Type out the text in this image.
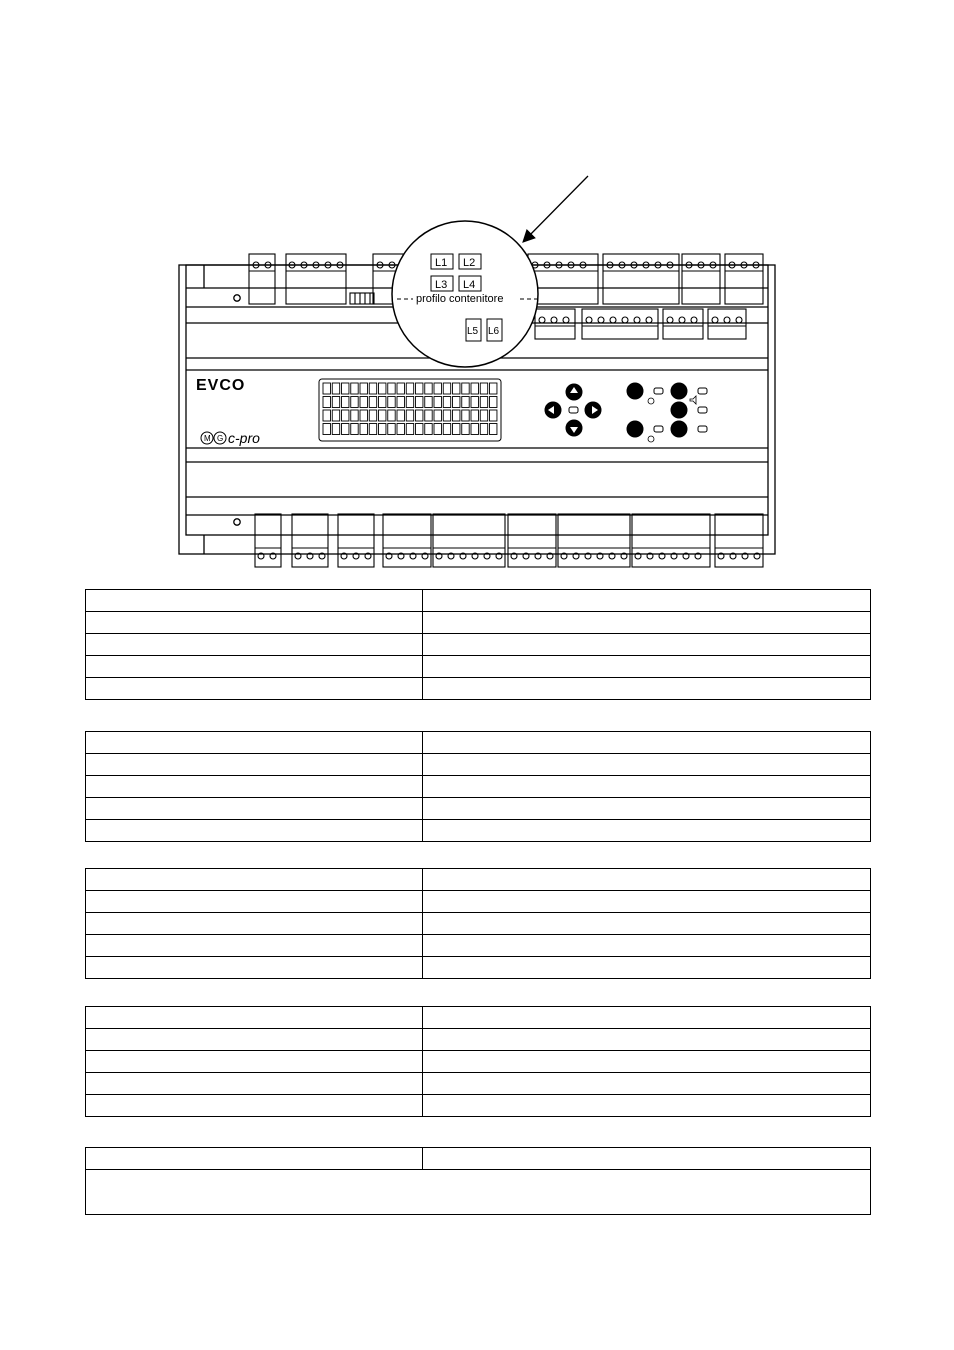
EVCO
M G c-pro
L1 L2
L3 L4
profilo contenitore
L5 L6
